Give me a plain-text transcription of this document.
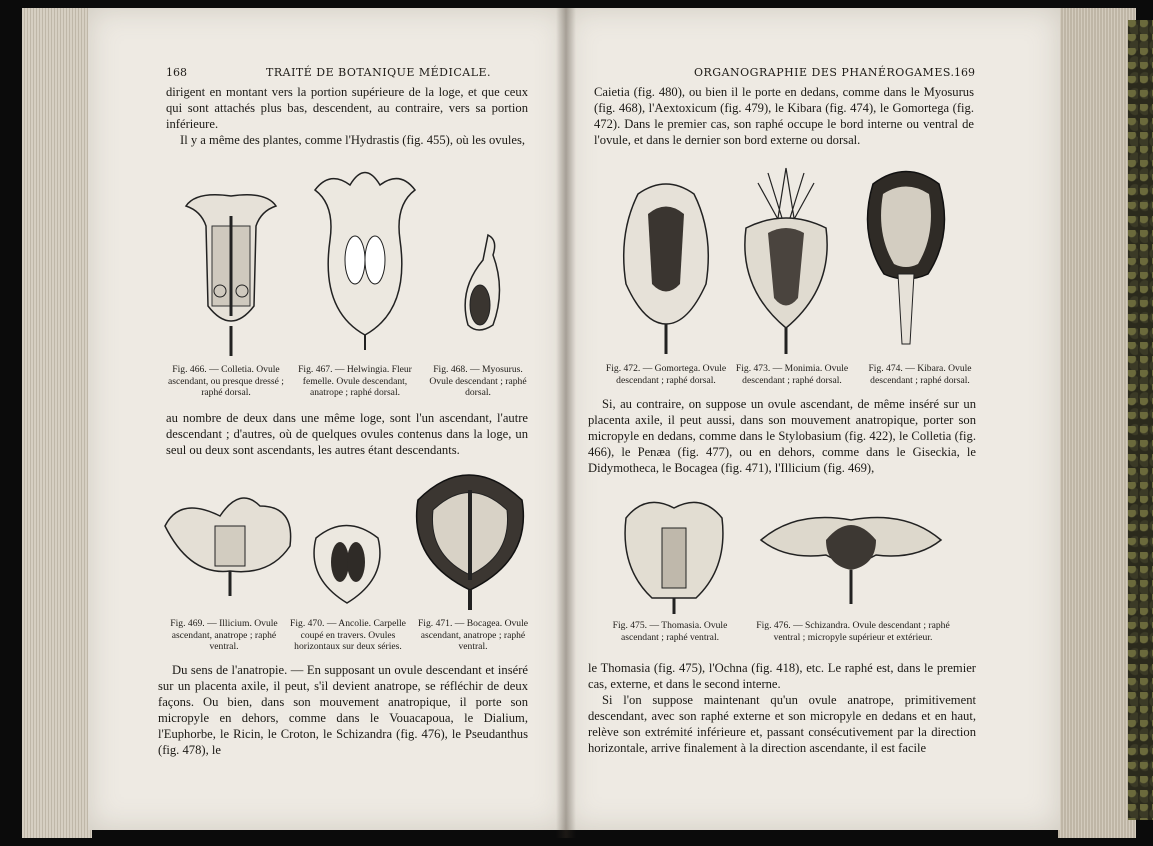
168	TRAITÉ DE BOTANIQUE MÉDICALE.

dirigent en montant vers la portion supérieure de la loge, et que ceux qui sont attachés plus bas, descendent, au contraire, vers sa portion inférieure.

Il y a même des plantes, comme l'Hydrastis (fig. 455), où les ovules,

Fig. 466. — Colletia. Ovule ascendant, ou presque dressé ; raphé dorsal.
Fig. 467. — Helwingia. Fleur femelle. Ovule descendant, anatrope ; raphé dorsal.
Fig. 468. — Myosurus. Ovule descendant ; raphé dorsal.

au nombre de deux dans une même loge, sont l'un ascendant, l'autre descendant ; d'autres, où de quelques ovules contenus dans la loge, un seul ou deux sont ascendants, les autres étant descendants.

Fig. 469. — Illicium. Ovule ascendant, anatrope ; raphé ventral.
Fig. 470. — Ancolie. Carpelle coupé en travers. Ovules horizontaux sur deux séries.
Fig. 471. — Bocagea. Ovule ascendant, anatrope ; raphé ventral.

Du sens de l'anatropie. — En supposant un ovule descendant et inséré sur un placenta axile, il peut, s'il devient anatrope, se réfléchir de deux façons. Ou bien, dans son mouvement anatropique, il porte son micropyle en dehors, comme dans le Vouacapoua, le Dialium, l'Euphorbe, le Ricin, le Croton, le Schizandra (fig. 476), le Pseudanthus (fig. 478), le

ORGANOGRAPHIE DES PHANÉROGAMES. 169

Caietia (fig. 480), ou bien il le porte en dedans, comme dans le Myosurus (fig. 468), l'Aextoxicum (fig. 479), le Kibara (fig. 474), le Gomortega (fig. 472). Dans le premier cas, son raphé occupe le bord interne ou ventral de l'ovule, et dans le dernier son bord externe ou dorsal.

Fig. 472. — Gomortega. Ovule descendant ; raphé dorsal.
Fig. 473. — Monimia. Ovule descendant ; raphé dorsal.
Fig. 474. — Kibara. Ovule descendant ; raphé dorsal.

Si, au contraire, on suppose un ovule ascendant, de même inséré sur un placenta axile, il peut aussi, dans son mouvement anatropique, porter son micropyle en dedans, comme dans le Stylobasium (fig. 422), le Colletia (fig. 466), le Penæa (fig. 477), ou en dehors, comme dans le Giseckia, le Didymotheca, le Bocagea (fig. 471), l'Illicium (fig. 469),

Fig. 475. — Thomasia. Ovule ascendant ; raphé ventral.
Fig. 476. — Schizandra. Ovule descendant ; raphé ventral ; micropyle supérieur et extérieur.

le Thomasia (fig. 475), l'Ochna (fig. 418), etc. Le raphé est, dans le premier cas, externe, et dans le second interne.

Si l'on suppose maintenant qu'un ovule anatrope, primitivement descendant, avec son raphé externe et son micropyle en dedans et en haut, relève son extrémité inférieure et, passant consécutivement par la direction horizontale, arrive finalement à la direction ascendante, il est facile
